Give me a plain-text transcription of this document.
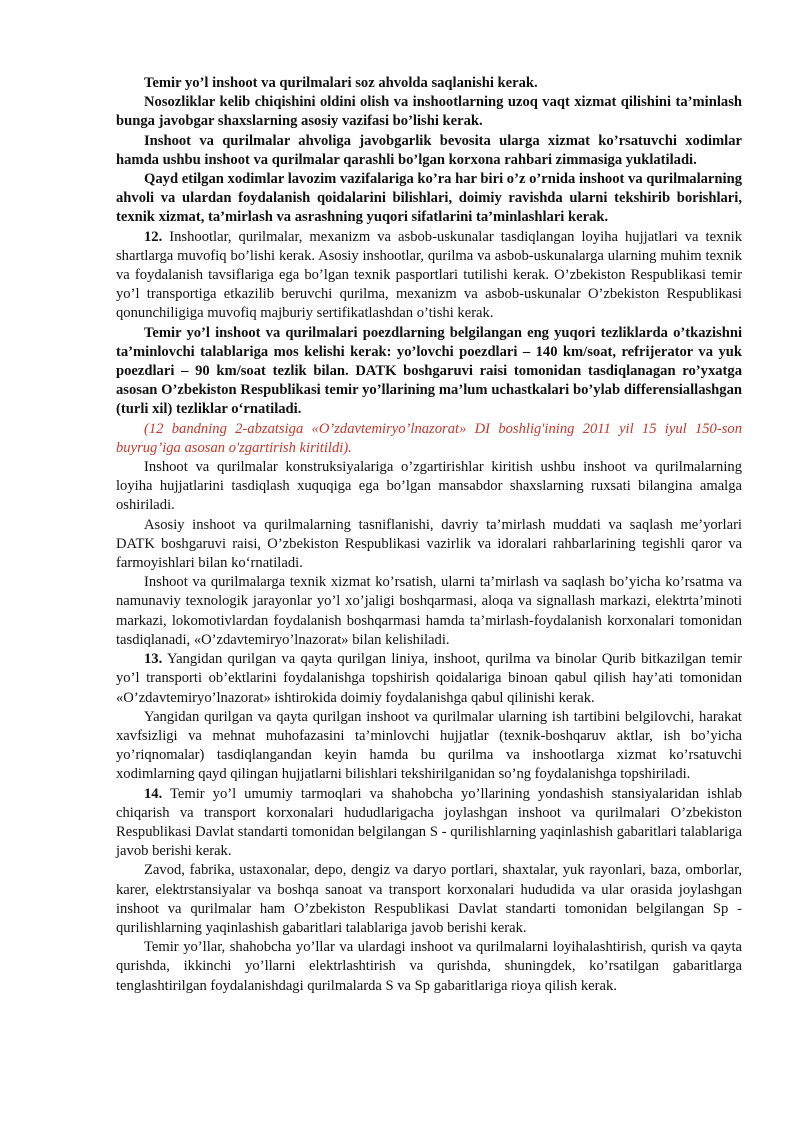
Temir yo’l inshoot va qurilmalari soz ahvolda saqlanishi kerak.

Nosozliklar kelib chiqishini oldini olish va inshootlarning uzoq vaqt xizmat qilishini ta’minlash bunga javobgar shaxslarning asosiy vazifasi bo’lishi kerak.

Inshoot va qurilmalar ahvoliga javobgarlik bevosita ularga xizmat ko’rsatuvchi xodimlar hamda ushbu inshoot va qurilmalar qarashli bo’lgan korxona rahbari zimmasiga yuklatiladi.

Qayd etilgan xodimlar lavozim vazifalariga ko’ra har biri o’z o’rnida inshoot va qurilmalarning ahvoli va ulardan foydalanish qoidalarini bilishlari, doimiy ravishda ularni tekshirib borishlari, texnik xizmat, ta’mirlash va asrashning yuqori sifatlarini ta’minlashlari kerak.

12. Inshootlar, qurilmalar, mexanizm va asbob-uskunalar tasdiqlangan loyiha hujjatlari va texnik shartlarga muvofiq bo’lishi kerak. Asosiy inshootlar, qurilma va asbob-uskunalarga ularning muhim texnik va foydalanish tavsiflariga ega bo’lgan texnik pasportlari tutilishi kerak. O’zbekiston Respublikasi temir yo’l transportiga etkazilib beruvchi qurilma, mexanizm va asbob-uskunalar O’zbekiston Respublikasi qonunchiligiga muvofiq majburiy sertifikatlashdan o’tishi kerak.

Temir yo’l inshoot va qurilmalari poezdlarning belgilangan eng yuqori tezliklarda o’tkazishni ta’minlovchi talablariga mos kelishi kerak: yo’lovchi poezdlari – 140 km/soat, refrijerator va yuk poezdlari – 90 km/soat tezlik bilan. DATK boshgaruvi raisi tomonidan tasdiqlanagan ro’yxatga asosan O’zbekiston Respublikasi temir yo’llarining ma’lum uchastkalari bo’ylab differensiallashgan (turli xil) tezliklar o‘rnatiladi.

(12 bandning 2-abzatsiga «O’zdavtemiryo’lnazorat» DI boshlig'ining 2011 yil 15 iyul 150-son buyrug’iga asosan o'zgartirish kiritildi).

Inshoot va qurilmalar konstruksiyalariga o’zgartirishlar kiritish ushbu inshoot va qurilmalarning loyiha hujjatlarini tasdiqlash xuquqiga ega bo’lgan mansabdor shaxslarning ruxsati bilangina amalga oshiriladi.

Asosiy inshoot va qurilmalarning tasniflanishi, davriy ta’mirlash muddati va saqlash me’yorlari DATK boshgaruvi raisi, O’zbekiston Respublikasi vazirlik va idoralari rahbarlarining tegishli qaror va farmoyishlari bilan ko‘rnatiladi.

Inshoot va qurilmalarga texnik xizmat ko’rsatish, ularni ta’mirlash va saqlash bo’yicha ko’rsatma va namunaviy texnologik jarayonlar yo’l xo’jaligi boshqarmasi, aloqa va signallash markazi, elektrta’minoti markazi, lokomotivlardan foydalanish boshqarmasi hamda ta’mirlash-foydalanish korxonalari tomonidan tasdiqlanadi, «O’zdavtemiryo’lnazorat» bilan kelishiladi.

13. Yangidan qurilgan va qayta qurilgan liniya, inshoot, qurilma va binolar Qurib bitkazilgan temir yo’l transporti ob’ektlarini foydalanishga topshirish qoidalariga binoan qabul qilish hay’ati tomonidan «O’zdavtemiryo’lnazorat» ishtirokida doimiy foydalanishga qabul qilinishi kerak.

Yangidan qurilgan va qayta qurilgan inshoot va qurilmalar ularning ish tartibini belgilovchi, harakat xavfsizligi va mehnat muhofazasini ta’minlovchi hujjatlar (texnik-boshqaruv aktlar, ish bo’yicha yo’riqnomalar) tasdiqlangandan keyin hamda bu qurilma va inshootlarga xizmat ko’rsatuvchi xodimlarning qayd qilingan hujjatlarni bilishlari tekshirilganidan so’ng foydalanishga topshiriladi.

14. Temir yo’l umumiy tarmoqlari va shahobcha yo’llarining yondashish stansiyalaridan ishlab chiqarish va transport korxonalari hududlarigacha joylashgan inshoot va qurilmalari O’zbekiston Respublikasi Davlat standarti tomonidan belgilangan S - qurilishlarning yaqinlashish gabaritlari talablariga javob berishi kerak.

Zavod, fabrika, ustaxonalar, depo, dengiz va daryo portlari, shaxtalar, yuk rayonlari, baza, omborlar, karer, elektrstansiyalar va boshqa sanoat va transport korxonalari hududida va ular orasida joylashgan inshoot va qurilmalar ham O’zbekiston Respublikasi Davlat standarti tomonidan belgilangan Sp - qurilishlarning yaqinlashish gabaritlari talablariga javob berishi kerak.

Temir yo’llar, shahobcha yo’llar va ulardagi inshoot va qurilmalarni loyihalashtirish, qurish va qayta qurishda, ikkinchi yo’llarni elektrlashtirish va qurishda, shuningdek, ko’rsatilgan gabaritlarga tenglashtirilgan foydalanishdagi qurilmalarda S va Sp gabaritlariga rioya qilish kerak.
